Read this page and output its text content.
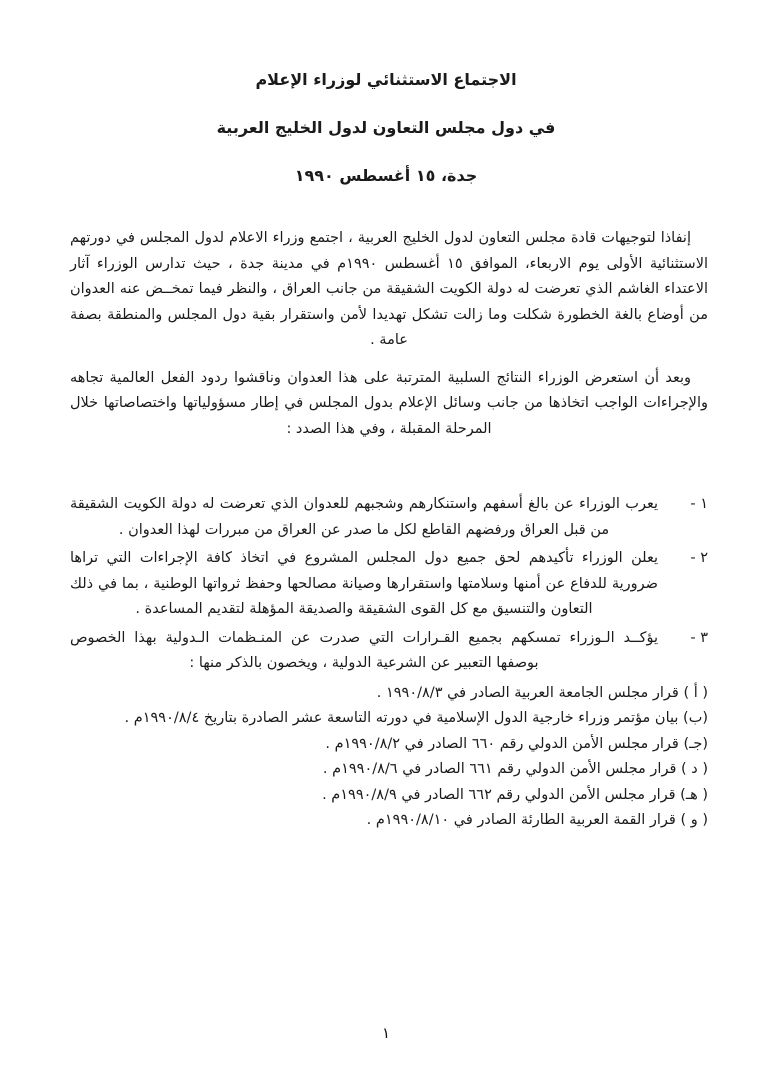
الاجتماع الاستثنائي لوزراء الإعلام
في دول مجلس التعاون لدول الخليج العربية
جدة، ١٥ أغسطس ١٩٩٠

إنفاذا لتوجيهات قادة مجلس التعاون لدول الخليج العربية ، اجتمع وزراء الاعلام لدول المجلس في دورتهم الاستثنائية الأولى يوم الاربعاء، الموافق ١٥ أغسطس ١٩٩٠م في مدينة جدة ، حيث تدارس الوزراء آثار الاعتداء الغاشم الذي تعرضت له دولة الكويت الشقيقة من جانب العراق ، والنظر فيما تمخــض عنه العدوان من أوضاع بالغة الخطورة شكلت وما زالت تشكل تهديدا لأمن واستقرار بقية دول المجلس والمنطقة بصفة عامة .

وبعد أن استعرض الوزراء النتائج السلبية المترتبة على هذا العدوان وناقشوا ردود الفعل العالمية تجاهه والإجراءات الواجب اتخاذها من جانب وسائل الإعلام بدول المجلس في إطار مسؤولياتها واختصاصاتها خلال المرحلة المقبلة ، وفي هذا الصدد :

١ -
يعرب الوزراء عن بالغ أسفهم واستنكارهم وشجبهم للعدوان الذي تعرضت له دولة الكويت الشقيقة من قبل العراق ورفضهم القاطع لكل ما صدر عن العراق من مبررات لهذا العدوان .
٢ -
يعلن الوزراء تأكيدهم لحق جميع دول المجلس المشروع في اتخاذ كافة الإجراءات التي تراها ضرورية للدفاع عن أمنها وسلامتها واستقرارها وصيانة مصالحها وحفظ ثرواتها الوطنية ، بما في ذلك التعاون والتنسيق مع كل القوى الشقيقة والصديقة المؤهلة لتقديم المساعدة .
٣ -
يؤكــد الـوزراء تمسكهم بجميع القـرارات التي صدرت عن المنـظمات الـدولية بهذا الخصوص بوصفها التعبير عن الشرعية الدولية ، ويخصون بالذكر منها :
( أ ) قرار مجلس الجامعة العربية الصادر في ١٩٩٠/٨/٣ .
(ب) بيان مؤتمر وزراء خارجية الدول الإسلامية في دورته التاسعة عشر الصادرة بتاريخ ١٩٩٠/٨/٤م .
(جـ) قرار مجلس الأمن الدولي رقم ٦٦٠ الصادر في ١٩٩٠/٨/٢م .
( د ) قرار مجلس الأمن الدولي رقم ٦٦١ الصادر في ١٩٩٠/٨/٦م .
( هـ) قرار مجلس الأمن الدولي رقم ٦٦٢ الصادر في ١٩٩٠/٨/٩م .
( و ) قرار القمة العربية الطارئة الصادر في ١٩٩٠/٨/١٠م .
١
